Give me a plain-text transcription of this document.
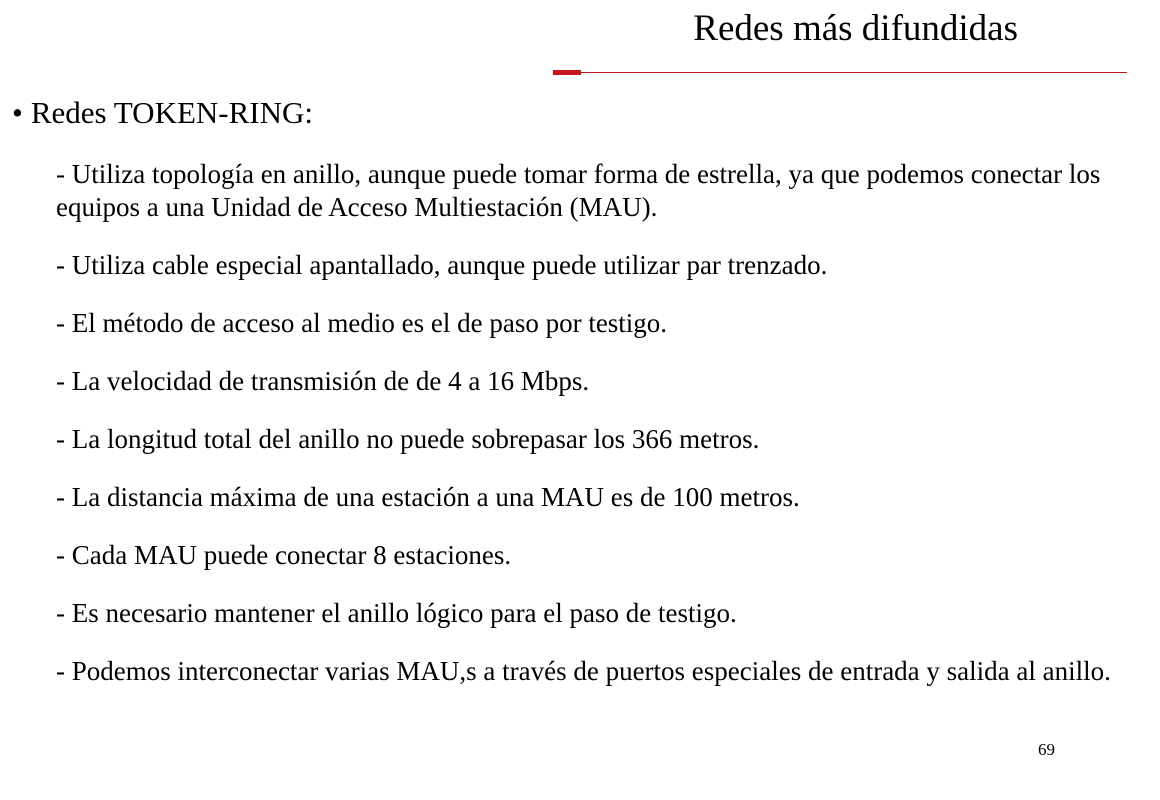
Redes más difundidas
• Redes TOKEN-RING:
- Utiliza topología en anillo, aunque puede tomar forma de estrella, ya que podemos conectar los equipos a una Unidad de Acceso Multiestación (MAU).
- Utiliza cable especial apantallado, aunque puede utilizar par trenzado.
- El método de acceso al medio es el de paso por testigo.
- La velocidad de transmisión de de 4 a 16 Mbps.
- La longitud total del anillo no puede sobrepasar los 366 metros.
- La distancia máxima de una estación a una MAU es de 100 metros.
- Cada MAU puede conectar 8 estaciones.
- Es necesario mantener el anillo lógico para el paso de testigo.
- Podemos interconectar varias MAU,s a través de puertos especiales de entrada y salida al anillo.
69
